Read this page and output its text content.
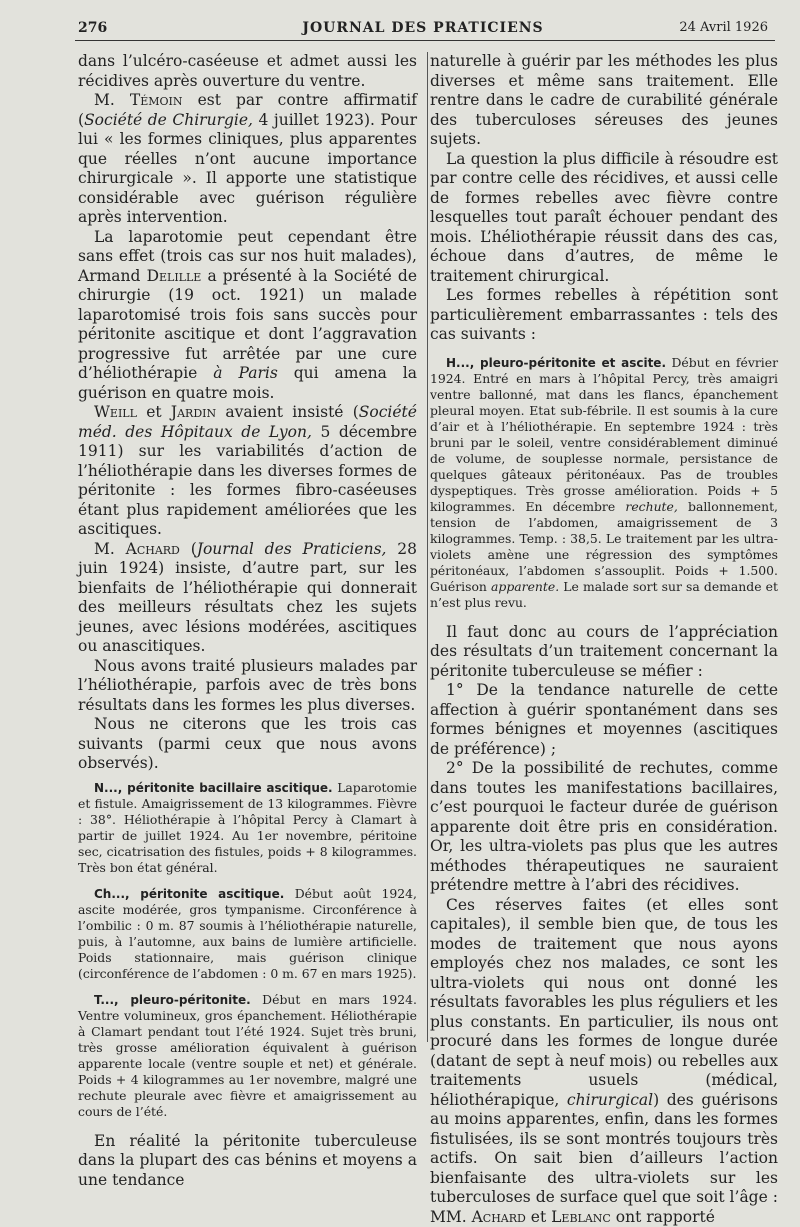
276	JOURNAL DES PRATICIENS	24 Avril 1926

dans l’ulcéro-caséeuse et admet aussi les récidives après ouverture du ventre.

M. Témoin est par contre affirmatif (Société de Chirurgie, 4 juillet 1923). Pour lui « les formes cliniques, plus apparentes que réelles n’ont aucune importance chirurgicale ». Il apporte une statistique considérable avec guérison régulière après intervention.

La laparotomie peut cependant être sans effet (trois cas sur nos huit malades), Armand Delille a présenté à la Société de chirurgie (19 oct. 1921) un malade laparotomisé trois fois sans succès pour péritonite ascitique et dont l’aggravation progressive fut arrêtée par une cure d’héliothérapie à Paris qui amena la guérison en quatre mois.

Weill et Jardin avaient insisté (Société méd. des Hôpitaux de Lyon, 5 décembre 1911) sur les variabilités d’action de l’héliothérapie dans les diverses formes de péritonite : les formes fibro-caséeuses étant plus rapidement améliorées que les ascitiques.

M. Achard (Journal des Praticiens, 28 juin 1924) insiste, d’autre part, sur les bienfaits de l’héliothérapie qui donnerait des meilleurs résultats chez les sujets jeunes, avec lésions modérées, ascitiques ou anascitiques.

Nous avons traité plusieurs malades par l’héliothérapie, parfois avec de très bons résultats dans les formes les plus diverses.

Nous ne citerons que les trois cas suivants (parmi ceux que nous avons observés).

N..., péritonite bacillaire ascitique. Laparotomie et fistule. Amaigrissement de 13 kilogrammes. Fièvre : 38°. Héliothérapie à l’hôpital Percy à Clamart à partir de juillet 1924. Au 1er novembre, péritoine sec, cicatrisation des fistules, poids + 8 kilogrammes. Très bon état général.

Ch..., péritonite ascitique. Début août 1924, ascite modérée, gros tympanisme. Circonférence à l’ombilic : 0 m. 87 soumis à l’héliothérapie naturelle, puis, à l’automne, aux bains de lumière artificielle. Poids stationnaire, mais guérison clinique (circonférence de l’abdomen : 0 m. 67 en mars 1925).

T..., pleuro-péritonite. Début en mars 1924. Ventre volumineux, gros épanchement. Héliothérapie à Clamart pendant tout l’été 1924. Sujet très bruni, très grosse amélioration équivalent à guérison apparente locale (ventre souple et net) et générale. Poids + 4 kilogrammes au 1er novembre, malgré une rechute pleurale avec fièvre et amaigrissement au cours de l’été.

En réalité la péritonite tuberculeuse dans la plupart des cas bénins et moyens a une tendance

naturelle à guérir par les méthodes les plus diverses et même sans traitement. Elle rentre dans le cadre de curabilité générale des tuberculoses séreuses des jeunes sujets.

La question la plus difficile à résoudre est par contre celle des récidives, et aussi celle de formes rebelles avec fièvre contre lesquelles tout paraît échouer pendant des mois. L’héliothérapie réussit dans des cas, échoue dans d’autres, de même le traitement chirurgical.

Les formes rebelles à répétition sont particulièrement embarrassantes : tels des cas suivants :

H..., pleuro-péritonite et ascite. Début en février 1924. Entré en mars à l’hôpital Percy, très amaigri ventre ballonné, mat dans les flancs, épanchement pleural moyen. Etat sub-fébrile. Il est soumis à la cure d’air et à l’héliothérapie. En septembre 1924 : très bruni par le soleil, ventre considérablement diminué de volume, de souplesse normale, persistance de quelques gâteaux péritonéaux. Pas de troubles dyspeptiques. Très grosse amélioration. Poids + 5 kilogrammes. En décembre rechute, ballonnement, tension de l’abdomen, amaigrissement de 3 kilogrammes. Temp. : 38,5. Le traitement par les ultra-violets amène une régression des symptômes péritonéaux, l’abdomen s’assouplit. Poids + 1.500. Guérison apparente. Le malade sort sur sa demande et n’est plus revu.

Il faut donc au cours de l’appréciation des résultats d’un traitement concernant la péritonite tuberculeuse se méfier :

1° De la tendance naturelle de cette affection à guérir spontanément dans ses formes bénignes et moyennes (ascitiques de préférence) ;

2° De la possibilité de rechutes, comme dans toutes les manifestations bacillaires, c’est pourquoi le facteur durée de guérison apparente doit être pris en considération. Or, les ultra-violets pas plus que les autres méthodes thérapeutiques ne sauraient prétendre mettre à l’abri des récidives.

Ces réserves faites (et elles sont capitales), il semble bien que, de tous les modes de traitement que nous ayons employés chez nos malades, ce sont les ultra-violets qui nous ont donné les résultats favorables les plus réguliers et les plus constants. En particulier, ils nous ont procuré dans les formes de longue durée (datant de sept à neuf mois) ou rebelles aux traitements usuels (médical, héliothérapique, chirurgical) des guérisons au moins apparentes, enfin, dans les formes fistulisées, ils se sont montrés toujours très actifs. On sait bien d’ailleurs l’action bienfaisante des ultra-violets sur les tuberculoses de surface quel que soit l’âge : MM. Achard et Leblanc ont rapporté
